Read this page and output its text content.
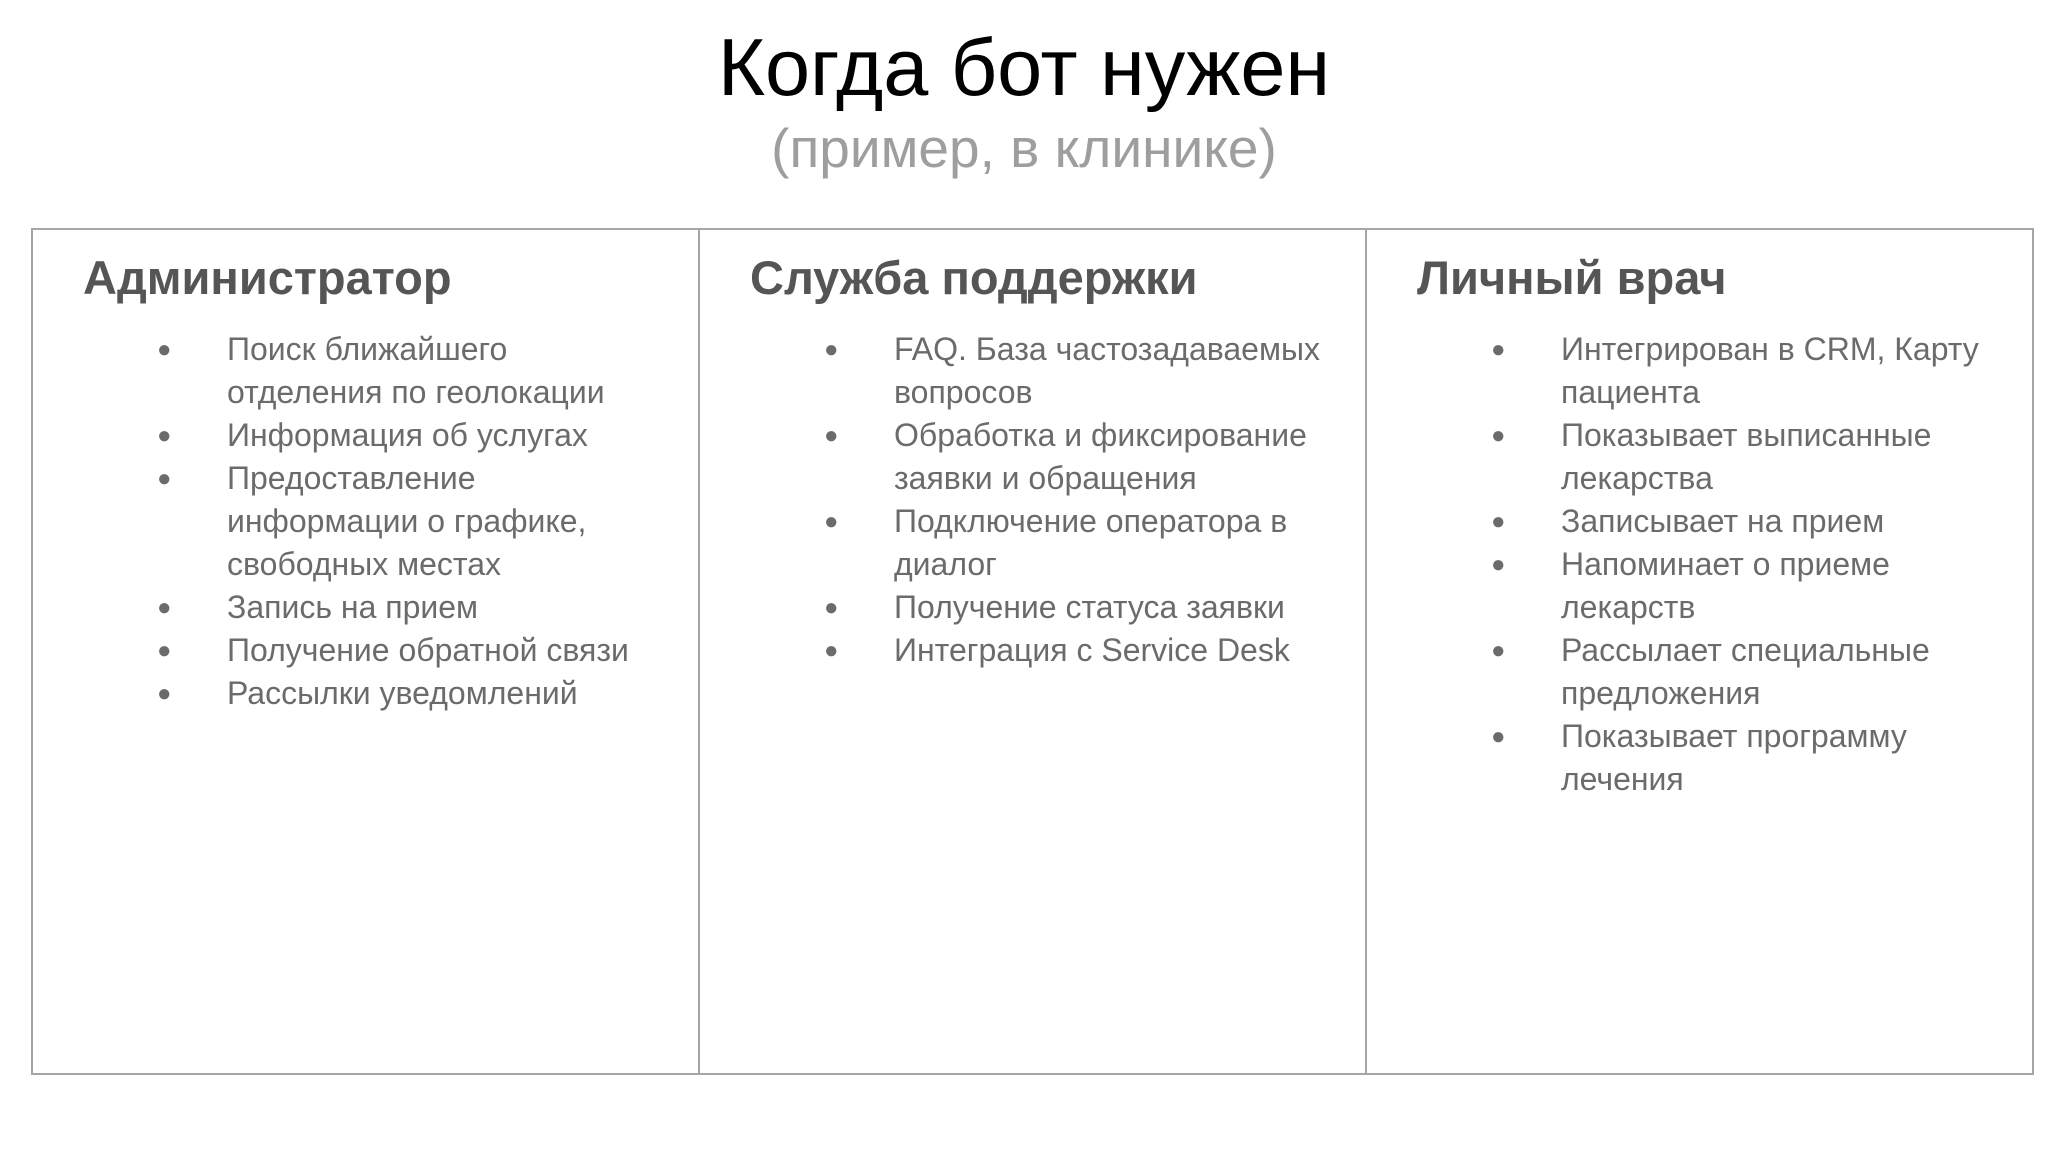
Когда бот нужен

(пример, в клинике)

Администратор
● Поиск ближайшего отделения по геолокации
● Информация об услугах
● Предоставление информации о графике, свободных местах
● Запись на прием
● Получение обратной связи
● Рассылки уведомлений
Служба поддержки
● FAQ. База частозадаваемых вопросов
● Обработка и фиксирование заявки и обращения
● Подключение оператора в диалог
● Получение статуса заявки
● Интеграция с Service Desk
Личный врач
● Интегрирован в CRM, Карту пациента
● Показывает выписанные лекарства
● Записывает на прием
● Напоминает о приеме лекарств
● Рассылает специальные предложения
● Показывает программу лечения
